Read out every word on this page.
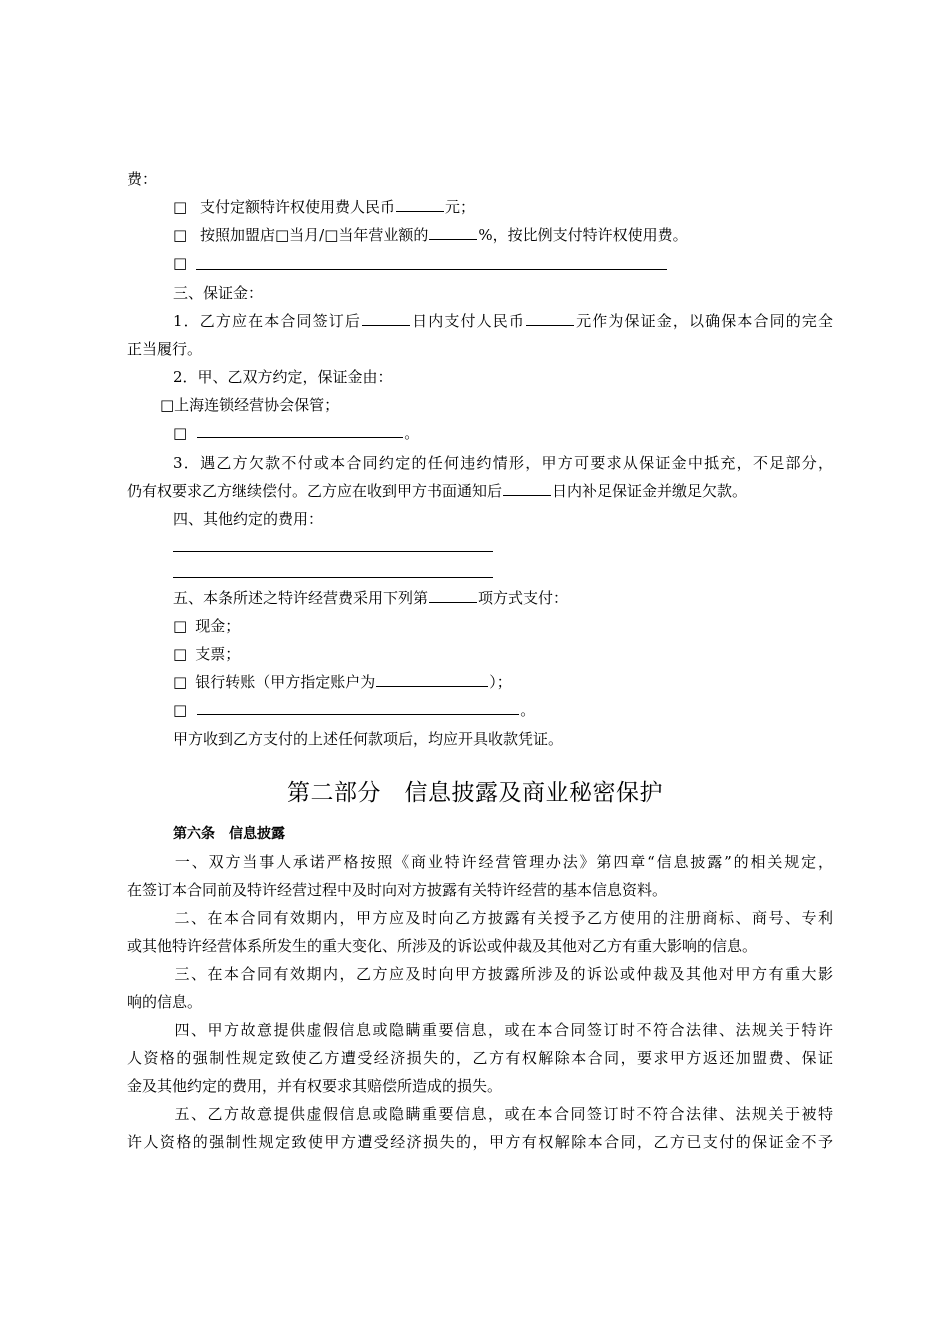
费：
□ 支付定额特许权使用费人民币	元；
□ 按照加盟店□当月/□当年营业额的	%，按比例支付特许权使用费。
□
三、保证金：
1．乙方应在本合同签订后	日内支付人民币	元作为保证金，以确保本合同的完全
正当履行。
2．甲、乙双方约定，保证金由：
□上海连锁经营协会保管；
□	。
3．遇乙方欠款不付或本合同约定的任何违约情形，甲方可要求从保证金中抵充，不足部分，
仍有权要求乙方继续偿付。乙方应在收到甲方书面通知后	日内补足保证金并缴足欠款。
四、其他约定的费用：
五、本条所述之特许经营费采用下列第	项方式支付：
□ 现金；
□ 支票；
□ 银行转账（甲方指定账户为	）；
□	。
甲方收到乙方支付的上述任何款项后，均应开具收款凭证。
第二部分　信息披露及商业秘密保护
第六条　信息披露
一、双方当事人承诺严格按照《商业特许经营管理办法》第四章“信息披露”的相关规定，
在签订本合同前及特许经营过程中及时向对方披露有关特许经营的基本信息资料。
二、在本合同有效期内，甲方应及时向乙方披露有关授予乙方使用的注册商标、商号、专利
或其他特许经营体系所发生的重大变化、所涉及的诉讼或仲裁及其他对乙方有重大影响的信息。
三、在本合同有效期内，乙方应及时向甲方披露所涉及的诉讼或仲裁及其他对甲方有重大影
响的信息。
四、甲方故意提供虚假信息或隐瞒重要信息，或在本合同签订时不符合法律、法规关于特许
人资格的强制性规定致使乙方遭受经济损失的，乙方有权解除本合同，要求甲方返还加盟费、保证
金及其他约定的费用，并有权要求其赔偿所造成的损失。
五、乙方故意提供虚假信息或隐瞒重要信息，或在本合同签订时不符合法律、法规关于被特
许人资格的强制性规定致使甲方遭受经济损失的，甲方有权解除本合同，乙方已支付的保证金不予
